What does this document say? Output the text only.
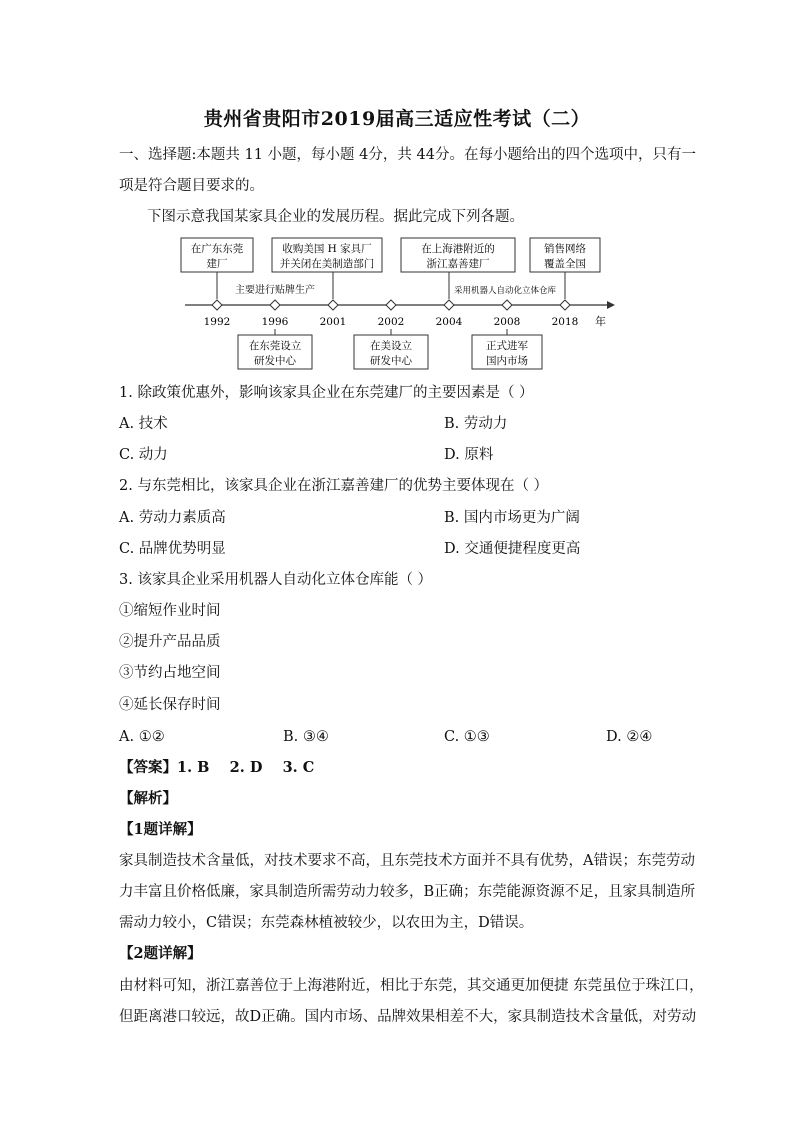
贵州省贵阳市2019届高三适应性考试（二）
一、选择题:本题共 11 小题，每小题 4分，共 44分。在每小题给出的四个选项中，只有一
项是符合题目要求的。
下图示意我国某家具企业的发展历程。据此完成下列各题。
在广东东莞
建厂
收购美国 H 家具厂
并关闭在美制造部门
在上海港附近的
浙江嘉善建厂
销售网络
覆盖全国
主要进行贴牌生产	采用机器人自动化立体仓库
年
1992	1996	2001	2002	2004	2008	2018
在东莞设立
研发中心
在美设立
研发中心
正式进军
国内市场
1. 除政策优惠外，影响该家具企业在东莞建厂的主要因素是（ ）
A. 技术	B. 劳动力
C. 动力	D. 原料
2. 与东莞相比，该家具企业在浙江嘉善建厂的优势主要体现在（ ）
A. 劳动力素质高	B. 国内市场更为广阔
C. 品牌优势明显	D. 交通便捷程度更高
3. 该家具企业采用机器人自动化立体仓库能（ ）
①缩短作业时间
②提升产品品质
③节约占地空间
④延长保存时间
A. ①②	B. ③④	C. ①③	D. ②④
【答案】1. B    2. D    3. C
【解析】
【1题详解】
家具制造技术含量低，对技术要求不高，且东莞技术方面并不具有优势，A错误；东莞劳动
力丰富且价格低廉，家具制造所需劳动力较多，B正确；东莞能源资源不足，且家具制造所
需动力较小，C错误；东莞森林植被较少，以农田为主，D错误。
【2题详解】
由材料可知，浙江嘉善位于上海港附近，相比于东莞，其交通更加便捷 东莞虽位于珠江口，
但距离港口较远，故D正确。国内市场、品牌效果相差不大，家具制造技术含量低，对劳动
